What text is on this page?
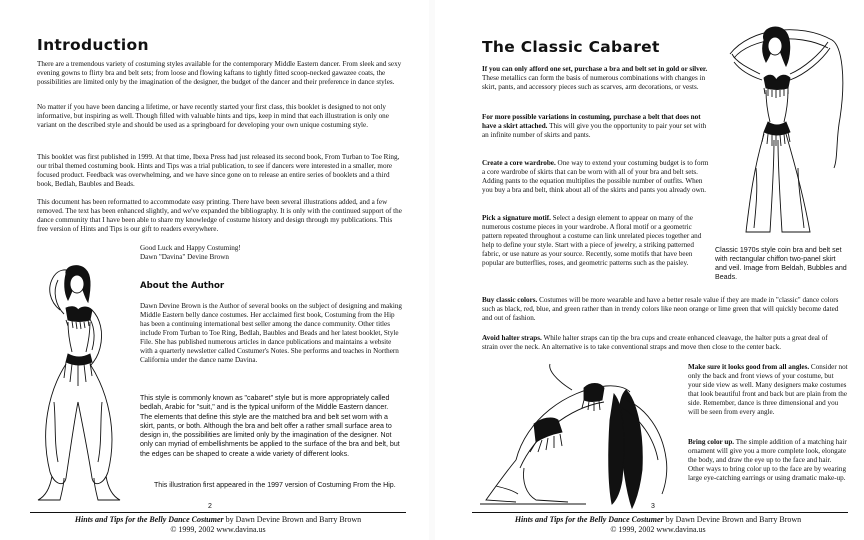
Introduction
There are a tremendous variety of costuming styles available for the contemporary Middle Eastern dancer. From sleek and sexy evening gowns to flirty bra and belt sets; from loose and flowing kaftans to tightly fitted scoop-necked gawazee coats, the possibilities are limited only by the imagination of the designer, the budget of the dancer and their preference in dance styles.
No matter if you have been dancing a lifetime, or have recently started your first class, this booklet is designed to not only informative, but inspiring as well. Though filled with valuable hints and tips, keep in mind that each illustration is only one variant on the described style and should be used as a springboard for developing your own unique costuming style.
This booklet was first published in 1999. At that time, Ibexa Press had just released its second book, From Turban to Toe Ring, our tribal themed costuming book. Hints and Tips was a trial publication, to see if dancers were interested in a smaller, more focused product. Feedback was overwhelming, and we have since gone on to release an entire series of booklets and a third book, Bedlah, Baubles and Beads.
This document has been reformatted to accommodate easy printing. There have been several illustrations added, and a few removed. The text has been enhanced slightly, and we've expanded the bibliography. It is only with the continued support of the dance community that I have been able to share my knowledge of costume history and design through my publications. This free version of Hints and Tips is our gift to readers everywhere.
Good Luck and Happy Costuming!
Dawn "Davina" Devine Brown
About the Author
Dawn Devine Brown is the Author of several books on the subject of designing and making Middle Eastern belly dance costumes. Her acclaimed first book, Costuming from the Hip has been a continuing international best seller among the dance community. Other titles include From Turban to Toe Ring, Bedlah, Baubles and Beads and her latest booklet, Style File. She has published numerous articles in dance publications and maintains a website with a quarterly newsletter called Costumer's Notes. She performs and teaches in Northern California under the dance name Davina.
This style is commonly known as "cabaret" style but is more appropriately called bedlah, Arabic for "suit," and is the typical uniform of the Middle Eastern dancer. The elements that define this style are the matched bra and belt set worn with a skirt, pants, or both. Although the bra and belt offer a rather small surface area to design in, the possibilities are limited only by the imagination of the designer. Not only can myriad of embellishments be applied to the surface of the bra and belt, but the edges can be shaped to create a wide variety of different looks.
This illustration first appeared in the 1997 version of Costuming From the Hip.
2
Hints and Tips for the Belly Dance Costumer by Dawn Devine Brown and Barry Brown
© 1999, 2002 www.davina.us
The Classic Cabaret
If you can only afford one set, purchase a bra and belt set in gold or silver. These metallics can form the basis of numerous combinations with changes in skirt, pants, and accessory pieces such as scarves, arm decorations, or vests.
For more possible variations in costuming, purchase a belt that does not have a skirt attached. This will give you the opportunity to pair your set with an infinite number of skirts and pants.
Create a core wardrobe. One way to extend your costuming budget is to form a core wardrobe of skirts that can be worn with all of your bra and belt sets. Adding pants to the equation multiplies the possible number of outfits. When you buy a bra and belt, think about all of the skirts and pants you already own.
Pick a signature motif. Select a design element to appear on many of the numerous costume pieces in your wardrobe. A floral motif or a geometric pattern repeated throughout a costume can link unrelated pieces together and help to define your style. Start with a piece of jewelry, a striking patterned fabric, or use nature as your source. Recently, some motifs that have been popular are butterflies, roses, and geometric patterns such as the paisley.
Buy classic colors. Costumes will be more wearable and have a better resale value if they are made in "classic" dance colors such as black, red, blue, and green rather than in trendy colors like neon orange or lime green that will quickly become dated and out of fashion.
Avoid halter straps. While halter straps can tip the bra cups and create enhanced cleavage, the halter puts a great deal of strain over the neck. An alternative is to take conventional straps and move then close to the center back.
Make sure it looks good from all angles. Consider not only the back and front views of your costume, but your side view as well. Many designers make costumes that look beautiful front and back but are plain from the side. Remember, dance is three dimensional and you will be seen from every angle.
Bring color up. The simple addition of a matching hair ornament will give you a more complete look, elongate the body, and draw the eye up to the face and hair. Other ways to bring color up to the face are by wearing large eye-catching earrings or using dramatic make-up.
Classic 1970s style coin bra and belt set with rectangular chiffon two-panel skirt and veil. Image from Beldah, Bubbles and Beads.
3
Hints and Tips for the Belly Dance Costumer by Dawn Devine Brown and Barry Brown
© 1999, 2002 www.davina.us
